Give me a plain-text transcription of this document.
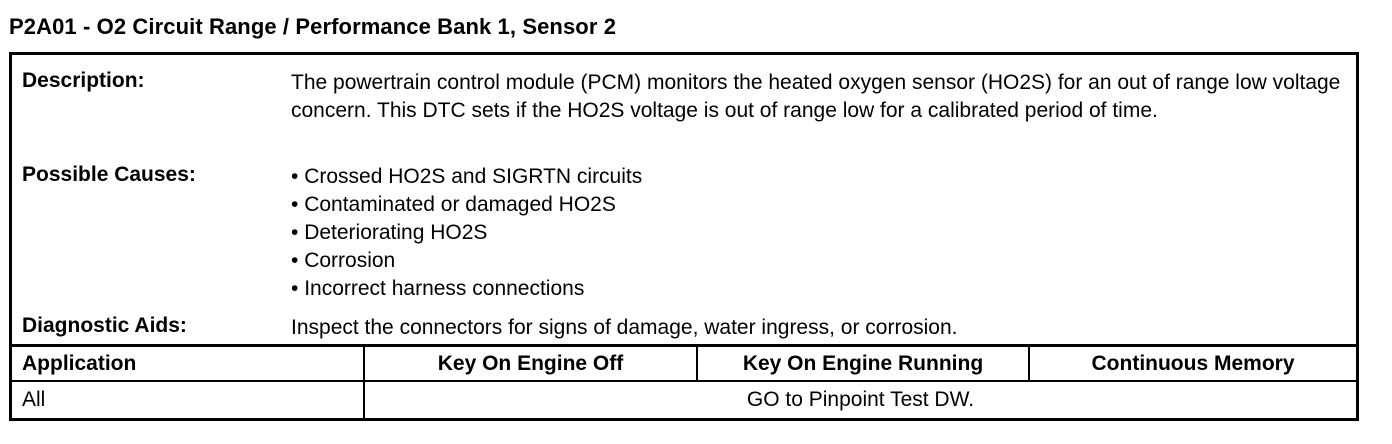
P2A01 - O2 Circuit Range / Performance Bank 1, Sensor 2
Description:	The powertrain control module (PCM) monitors the heated oxygen sensor (HO2S) for an out of range low voltage concern. This DTC sets if the HO2S voltage is out of range low for a calibrated period of time.
Possible Causes:
•	Crossed HO2S and SIGRTN circuits
• Contaminated or damaged HO2S
• Deteriorating HO2S
• Corrosion
• Incorrect harness connections
Diagnostic Aids:	Inspect the connectors for signs of damage, water ingress, or corrosion.
Application	Key On Engine Off	Key On Engine Running	Continuous Memory
All	GO to Pinpoint Test DW.
